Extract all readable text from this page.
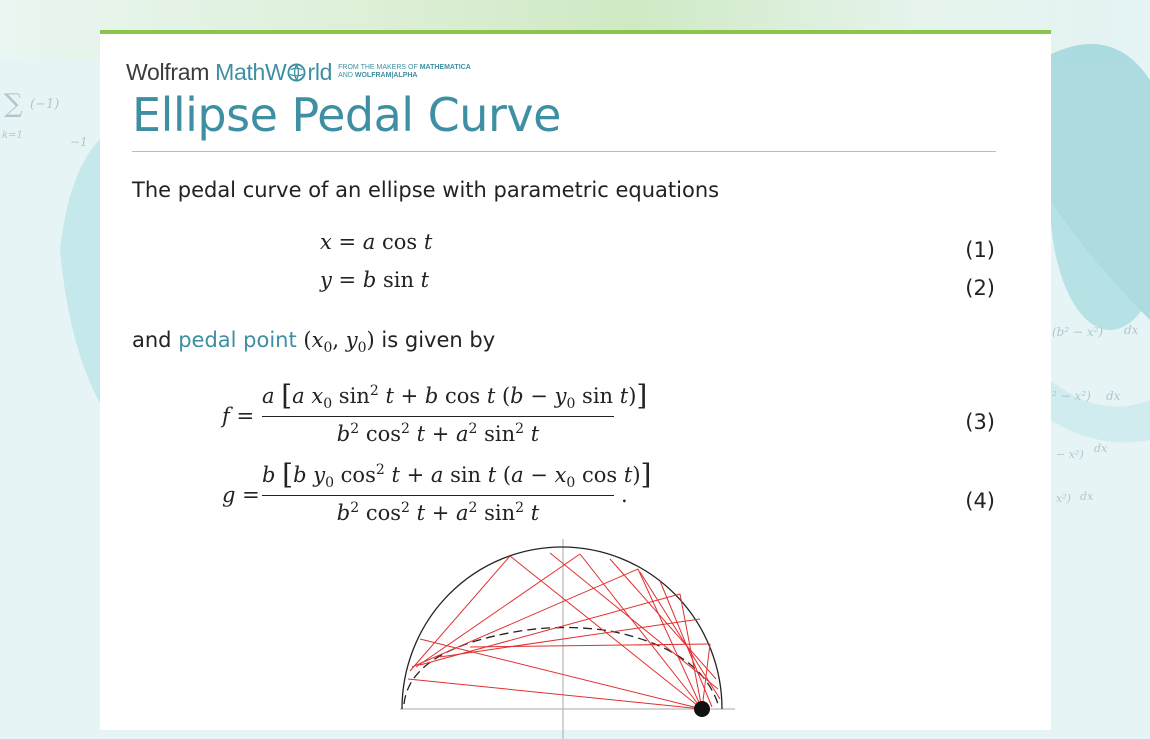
∑ (−1)
k=1	−1
(b² − x²) dx
² − x²) dx
− x²) dx
x²) dx
Wolfram Math W rld FROM THE MAKERS OF MATHEMATICA
AND WOLFRAM|ALPHA
Ellipse Pedal Curve
The pedal curve of an ellipse with parametric equations
x = a cos t	(1)
y = b sin t	(2)
and pedal point ($x_0$, $y_0$) is given by
f =
a [a $x_0$ $\sin^2 t + b$ cos t ($b - y_0$ sin t)]
$b^2$ $\cos^2 t + a^2$ $\sin^2 t$
(3)
g =
b [b $y_0$ $\cos^2 t + a$ sin t ($a - x_0$ cos t)]
$b^2$ $\cos^2 t + a^2$ $\sin^2 t$
.	(4)
